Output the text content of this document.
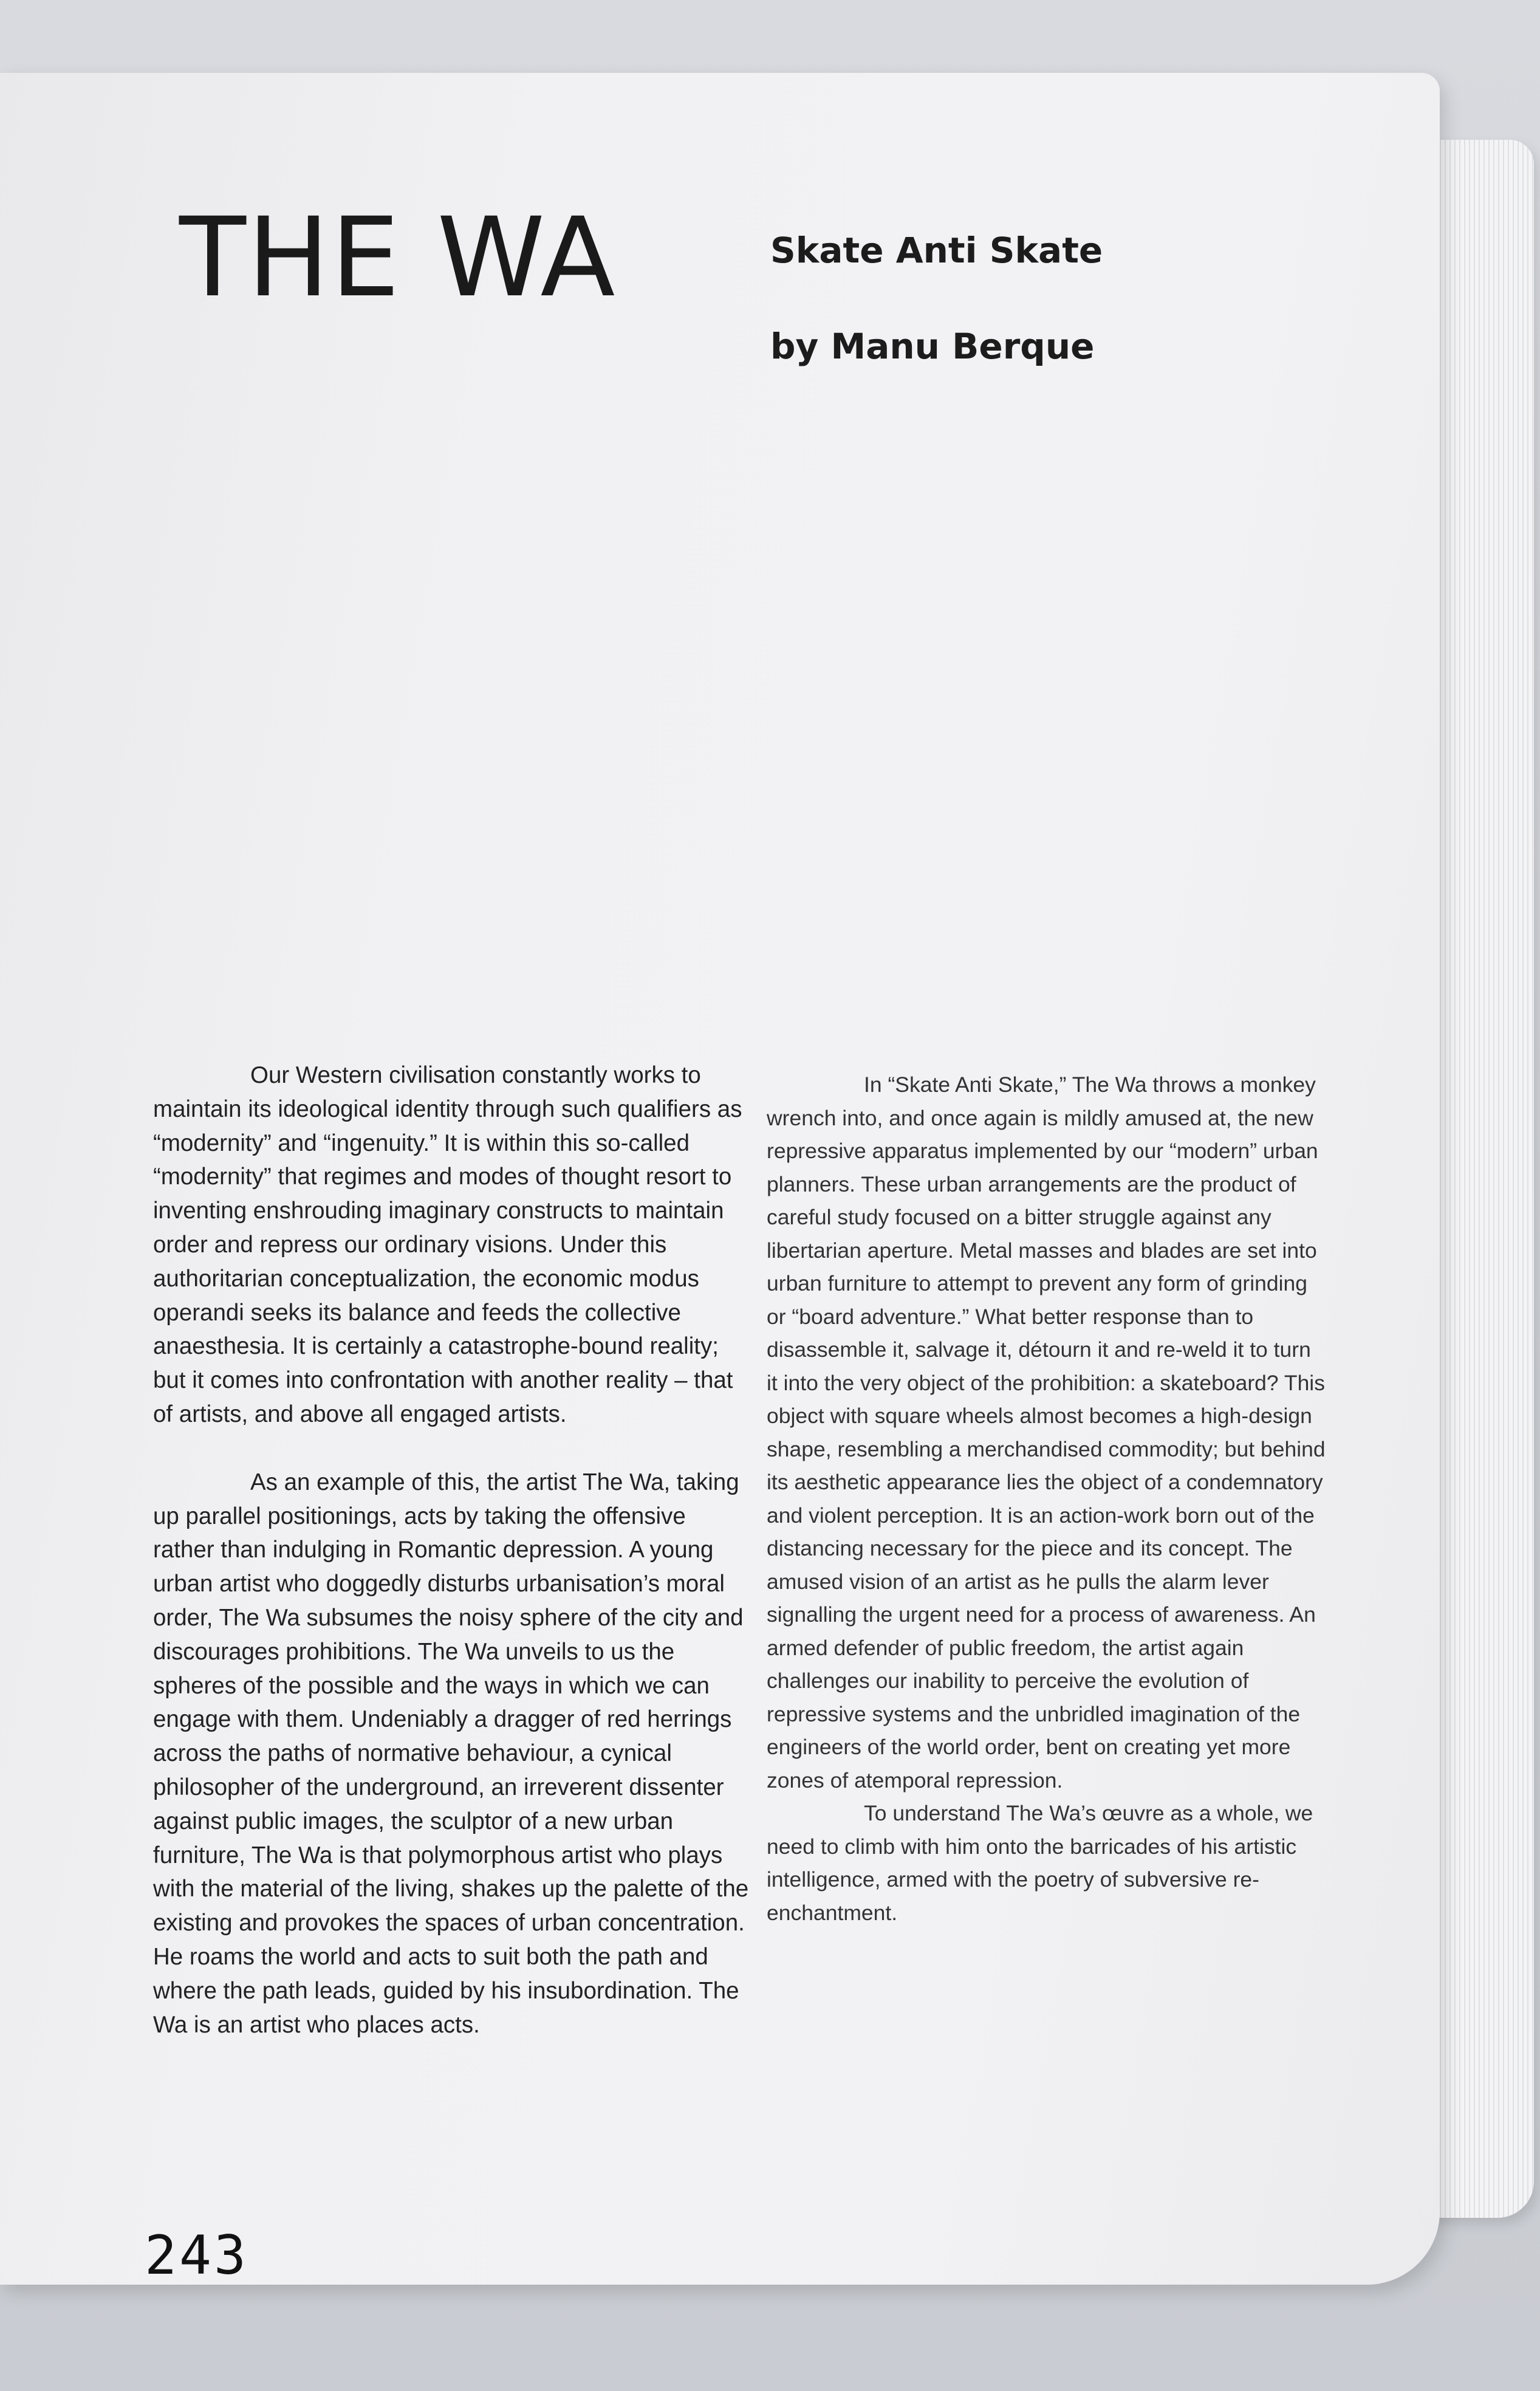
THE WA	Skate Anti Skate
by Manu Berque

Our Western civilisation constantly works to maintain its ideological identity through such qualifiers as “modernity” and “ingenuity.” It is within this so-called “modernity” that regimes and modes of thought resort to inventing enshrouding imaginary constructs to maintain order and repress our ordinary visions. Under this authoritarian conceptualization, the economic modus operandi seeks its balance and feeds the collective anaesthesia. It is certainly a catastrophe-bound reality; but it comes into confrontation with another reality – that of artists, and above all engaged artists.

As an example of this, the artist The Wa, taking up parallel positionings, acts by taking the offensive rather than indulging in Romantic depression. A young urban artist who doggedly disturbs urbanisation’s moral order, The Wa subsumes the noisy sphere of the city and discourages prohibitions. The Wa unveils to us the spheres of the possible and the ways in which we can engage with them. Undeniably a dragger of red herrings across the paths of normative behaviour, a cynical philosopher of the underground, an irreverent dissenter against public images, the sculptor of a new urban furniture, The Wa is that polymorphous artist who plays with the material of the living, shakes up the palette of the existing and provokes the spaces of urban concentration. He roams the world and acts to suit both the path and where the path leads, guided by his insubordination. The Wa is an artist who places acts.

In “Skate Anti Skate,” The Wa throws a monkey wrench into, and once again is mildly amused at, the new repressive apparatus implemented by our “modern” urban planners. These urban arrangements are the product of careful study focused on a bitter struggle against any libertarian aperture. Metal masses and blades are set into urban furniture to attempt to prevent any form of grinding or “board adventure.” What better response than to disassemble it, salvage it, détourn it and re-weld it to turn it into the very object of the prohibition: a skateboard? This object with square wheels almost becomes a high-design shape, resembling a merchandised commodity; but behind its aesthetic appearance lies the object of a condemnatory and violent perception. It is an action-work born out of the distancing necessary for the piece and its concept. The amused vision of an artist as he pulls the alarm lever signalling the urgent need for a process of awareness. An armed defender of public freedom, the artist again challenges our inability to perceive the evolution of repressive systems and the unbridled imagination of the engineers of the world order, bent on creating yet more zones of atemporal repression.

To understand The Wa’s œuvre as a whole, we need to climb with him onto the barricades of his artistic intelligence, armed with the poetry of subversive re-enchantment.

243
